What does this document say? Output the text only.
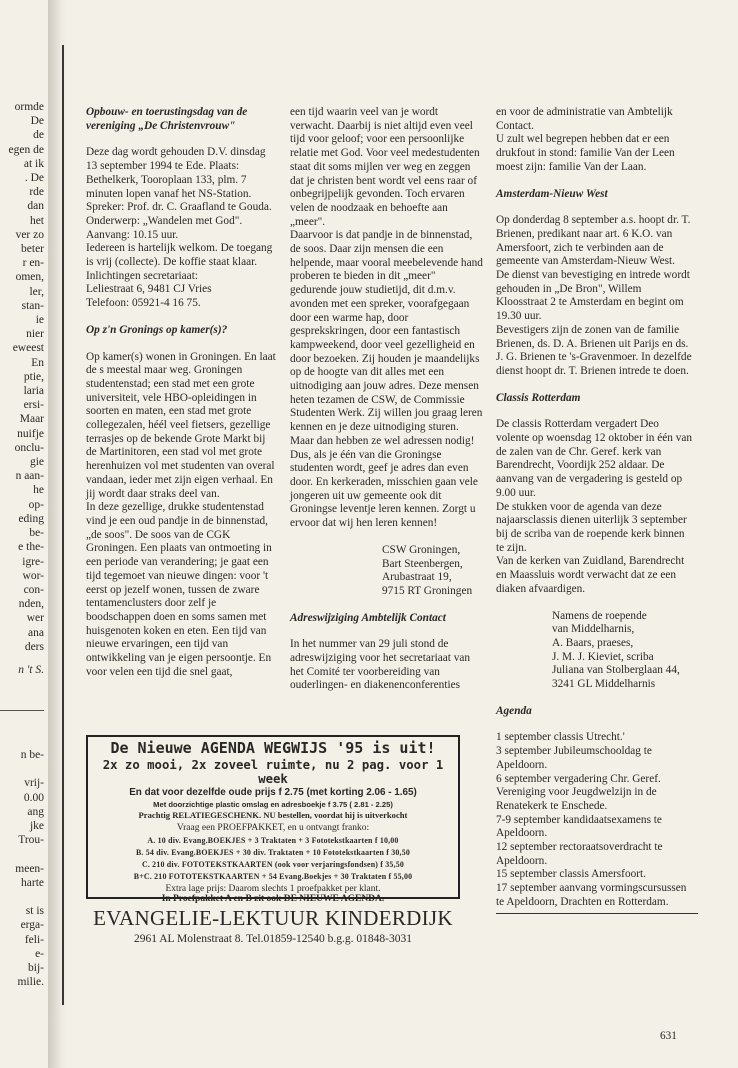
ormde
De
de
egen de
at ik
. De
rde
dan
het
ver zo
beter
r en-
omen,
ler,
stan-
ie
nier
eweest
En
ptie,
laria
ersi-
Maar
nuifje
onclu-
gie
n aan-
he
op-
eding
be-
e the-
igre-
wor-
con-
nden,
wer
ana
ders
n 't S.
n be-

vrij-
0.00
ang
jke
Trou-

meen-
harte

st is
erga-
feli-
e-
bij-
milie.
Opbouw- en toerustingsdag van de vereniging „De Christenvrouw"

Deze dag wordt gehouden D.V. dinsdag 13 september 1994 te Ede. Plaats: Bethelkerk, Tooroplaan 133, plm. 7 minuten lopen vanaf het NS-Station. Spreker: Prof. dr. C. Graafland te Gouda. Onderwerp: „Wandelen met God". Aanvang: 10.15 uur.

Iedereen is hartelijk welkom. De toegang is vrij (collecte). De koffie staat klaar.

Inlichtingen secretariaat:

Leliestraat 6, 9481 CJ Vries

Telefoon: 05921-4 16 75.

Op z'n Gronings op kamer(s)?

Op kamer(s) wonen in Groningen. En laat de s meestal maar weg. Groningen studentenstad; een stad met een grote universiteit, vele HBO-opleidingen in soorten en maten, een stad met grote collegezalen, héél veel fietsers, gezellige terrasjes op de bekende Grote Markt bij de Martinitoren, een stad vol met grote herenhuizen vol met studenten van overal vandaan, ieder met zijn eigen verhaal. En jij wordt daar straks deel van.

In deze gezellige, drukke studentenstad vind je een oud pandje in de binnenstad, „de soos". De soos van de CGK Groningen. Een plaats van ontmoeting in een periode van verandering; je gaat een tijd tegemoet van nieuwe dingen: voor 't eerst op jezelf wonen, tussen de zware tentamenclusters door zelf je boodschappen doen en soms samen met huisgenoten koken en eten. Een tijd van nieuwe ervaringen, een tijd van ontwikkeling van je eigen persoontje. En voor velen een tijd die snel gaat,

een tijd waarin veel van je wordt verwacht. Daarbij is niet altijd even veel tijd voor geloof; voor een persoonlijke relatie met God. Voor veel medestudenten staat dit soms mijlen ver weg en zeggen dat je christen bent wordt vel eens raar of onbegrijpelijk gevonden. Toch ervaren velen de noodzaak en behoefte aan „meer".

Daarvoor is dat pandje in de binnenstad, de soos. Daar zijn mensen die een helpende, maar vooral meebelevende hand proberen te bieden in dit „meer" gedurende jouw studietijd, dit d.m.v. avonden met een spreker, voorafgegaan door een warme hap, door gesprekskringen, door een fantastisch kampweekend, door veel gezelligheid en door bezoeken. Zij houden je maandelijks op de hoogte van dit alles met een uitnodiging aan jouw adres. Deze mensen heten tezamen de CSW, de Commissie Studenten Werk. Zij willen jou graag leren kennen en je deze uitnodiging sturen. Maar dan hebben ze wel adressen nodig!

Dus, als je één van die Groningse studenten wordt, geef je adres dan even door. En kerkeraden, misschien gaan vele jongeren uit uw gemeente ook dit Groningse leventje leren kennen. Zorgt u ervoor dat wij hen leren kennen!

CSW Groningen,

Bart Steenbergen,

Arubastraat 19,

9715 RT Groningen

Adreswijziging Ambtelijk Contact

In het nummer van 29 juli stond de adreswijziging voor het secretariaat van het Comité ter voorbereiding van ouderlingen- en diakenenconferenties

en voor de administratie van Ambtelijk Contact.

U zult wel begrepen hebben dat er een drukfout in stond: familie Van der Leen moest zijn: familie Van der Laan.

Amsterdam-Nieuw West

Op donderdag 8 september a.s. hoopt dr. T. Brienen, predikant naar art. 6 K.O. van Amersfoort, zich te verbinden aan de gemeente van Amsterdam-Nieuw West.

De dienst van bevestiging en intrede wordt gehouden in „De Bron", Willem Kloosstraat 2 te Amsterdam en begint om 19.30 uur.

Bevestigers zijn de zonen van de familie Brienen, ds. D. A. Brienen uit Parijs en ds. J. G. Brienen te 's-Gravenmoer. In dezelfde dienst hoopt dr. T. Brienen intrede te doen.

Classis Rotterdam

De classis Rotterdam vergadert Deo volente op woensdag 12 oktober in één van de zalen van de Chr. Geref. kerk van Barendrecht, Voordijk 252 aldaar. De aanvang van de vergadering is gesteld op 9.00 uur.

De stukken voor de agenda van deze najaarsclassis dienen uiterlijk 3 september bij de scriba van de roepende kerk binnen te zijn.

Van de kerken van Zuidland, Barendrecht en Maassluis wordt verwacht dat ze een diaken afvaardigen.

Namens de roepende

van Middelharnis,

A. Baars, praeses,

J. M. J. Kieviet, scriba

Juliana van Stolberglaan 44,

3241 GL Middelharnis

Agenda

1 september classis Utrecht.'

3 september Jubileumschooldag te Apeldoorn.

6 september vergadering Chr. Geref. Vereniging voor Jeugdwelzijn in de Renatekerk te Enschede.

7-9 september kandidaatsexamens te Apeldoorn.

12 september rectoraatsoverdracht te Apeldoorn.

15 september classis Amersfoort.

17 september aanvang vormingscursussen te Apeldoorn, Drachten en Rotterdam.

De Nieuwe AGENDA WEGWIJS '95 is uit!
2x zo mooi, 2x zoveel ruimte, nu 2 pag. voor 1 week
En dat voor dezelfde oude prijs f 2.75 (met korting 2.06 - 1.65)
Met doorzichtige plastic omslag en adresboekje f 3.75 ( 2.81 - 2.25)
Prachtig RELATIEGESCHENK. NU bestellen, voordat hij is uitverkocht
Vraag een PROEFPAKKET, en u ontvangt franko:
A. 10 div. Evang.BOEKJES + 3 Traktaten + 3 Fototekstkaarten f 10,00
B. 54 div. Evang.BOEKJES + 30 div. Traktaten + 10 Fototekstkaarten f 30,50
C. 210 div. FOTOTEKSTKAARTEN (ook voor verjaringsfondsen) f 35,50
B+C. 210 FOTOTEKSTKAARTEN + 54 Evang.Boekjes + 30 Traktaten f 55,00
Extra lage prijs: Daarom slechts 1 proefpakket per klant.
In Proefpakket A en B zit ook DE NIEUWE AGENDA.
EVANGELIE-LEKTUUR KINDERDIJK
2961 AL Molenstraat 8. Tel.01859-12540 b.g.g. 01848-3031
631
